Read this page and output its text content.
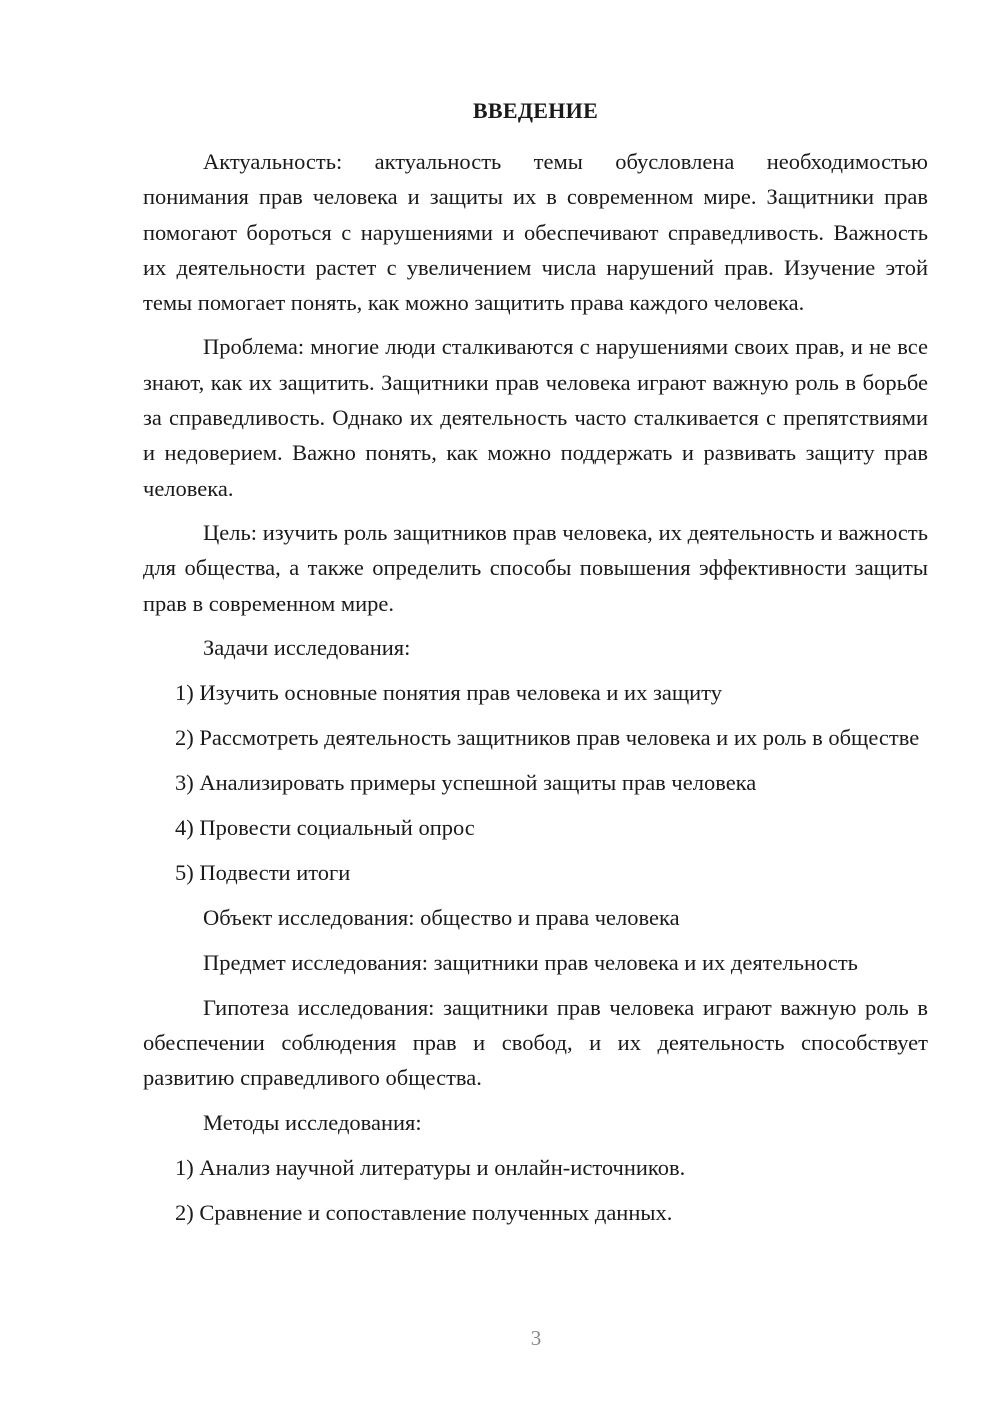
ВВЕДЕНИЕ

Актуальность: актуальность темы обусловлена необходимостью понимания прав человека и защиты их в современном мире. Защитники прав помогают бороться с нарушениями и обеспечивают справедливость. Важность их деятельности растет с увеличением числа нарушений прав. Изучение этой темы помогает понять, как можно защитить права каждого человека.

Проблема: многие люди сталкиваются с нарушениями своих прав, и не все знают, как их защитить. Защитники прав человека играют важную роль в борьбе за справедливость. Однако их деятельность часто сталкивается с препятствиями и недоверием. Важно понять, как можно поддержать и развивать защиту прав человека.

Цель: изучить роль защитников прав человека, их деятельность и важность для общества, а также определить способы повышения эффективности защиты прав в современном мире.

Задачи исследования:

1) Изучить основные понятия прав человека и их защиту

2) Рассмотреть деятельность защитников прав человека и их роль в обществе

3) Анализировать примеры успешной защиты прав человека

4) Провести социальный опрос

5) Подвести итоги

Объект исследования: общество и права человека

Предмет исследования: защитники прав человека и их деятельность

Гипотеза исследования: защитники прав человека играют важную роль в обеспечении соблюдения прав и свобод, и их деятельность способствует развитию справедливого общества.

Методы исследования:

1) Анализ научной литературы и онлайн-источников.

2) Сравнение и сопоставление полученных данных.

3
